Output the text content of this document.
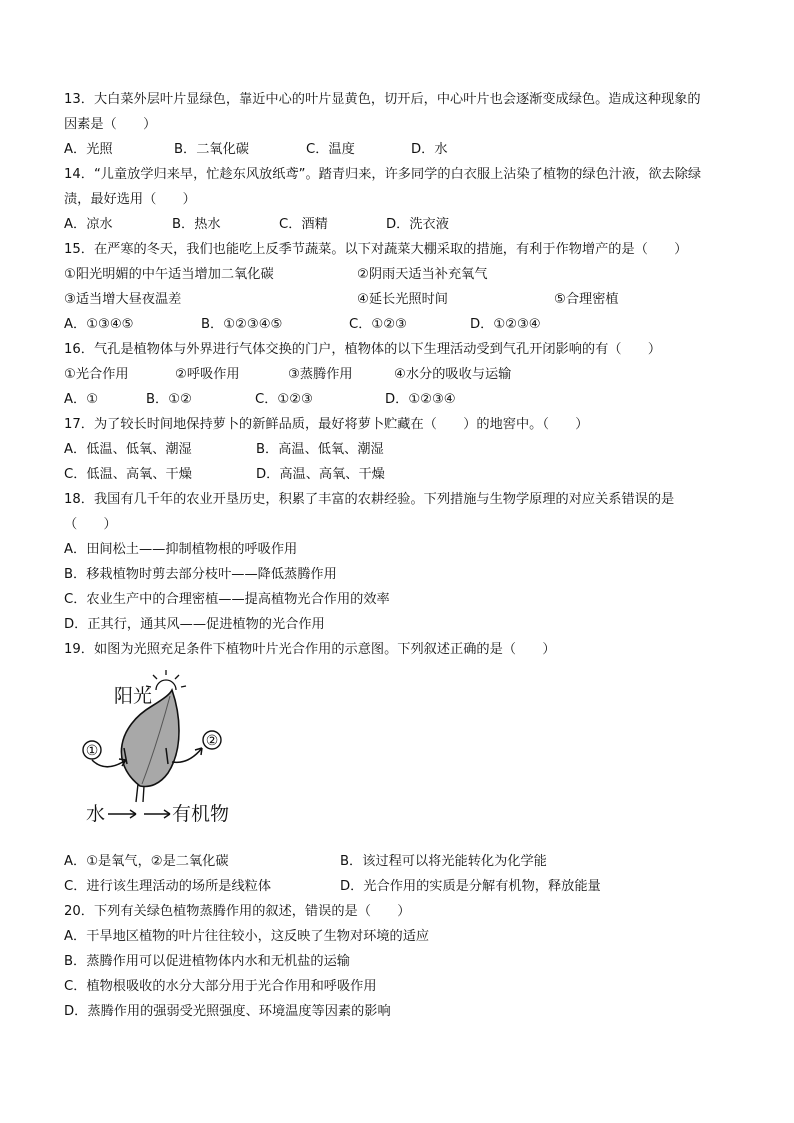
13．大白菜外层叶片显绿色，靠近中心的叶片显黄色，切开后，中心叶片也会逐渐变成绿色。造成这种现象的
因素是（　　）
A．光照	B．二氧化碳	C．温度	D．水
14．“儿童放学归来早，忙趁东风放纸鸢”。踏青归来，许多同学的白衣服上沾染了植物的绿色汁液，欲去除绿
渍，最好选用（　　）
A．凉水	B．热水	C．酒精	D．洗衣液
15．在严寒的冬天，我们也能吃上反季节蔬菜。以下对蔬菜大棚采取的措施，有利于作物增产的是（　　）
①阳光明媚的中午适当增加二氧化碳	②阴雨天适当补充氧气
③适当增大昼夜温差	④延长光照时间	⑤合理密植
A．①③④⑤	B．①②③④⑤	C．①②③	D．①②③④
16．气孔是植物体与外界进行气体交换的门户，植物体的以下生理活动受到气孔开闭影响的有（　　）
①光合作用	②呼吸作用	③蒸腾作用	④水分的吸收与运输
A．①	B．①②	C．①②③	D．①②③④
17．为了较长时间地保持萝卜的新鲜品质，最好将萝卜贮藏在（　　）的地窖中。（　　）
A．低温、低氧、潮湿	B．高温、低氧、潮湿
C．低温、高氧、干燥	D．高温、高氧、干燥
18．我国有几千年的农业开垦历史，积累了丰富的农耕经验。下列措施与生物学原理的对应关系错误的是
（　　）
A．田间松土——抑制植物根的呼吸作用
B．移栽植物时剪去部分枝叶——降低蒸腾作用
C．农业生产中的合理密植——提高植物光合作用的效率
D．正其行，通其风——促进植物的光合作用
19．如图为光照充足条件下植物叶片光合作用的示意图。下列叙述正确的是（　　）
阳光
①
②
水	有机物
A．①是氧气，②是二氧化碳	B．该过程可以将光能转化为化学能
C．进行该生理活动的场所是线粒体	D．光合作用的实质是分解有机物，释放能量
20．下列有关绿色植物蒸腾作用的叙述，错误的是（　　）
A．干旱地区植物的叶片往往较小，这反映了生物对环境的适应
B．蒸腾作用可以促进植物体内水和无机盐的运输
C．植物根吸收的水分大部分用于光合作用和呼吸作用
D．蒸腾作用的强弱受光照强度、环境温度等因素的影响
